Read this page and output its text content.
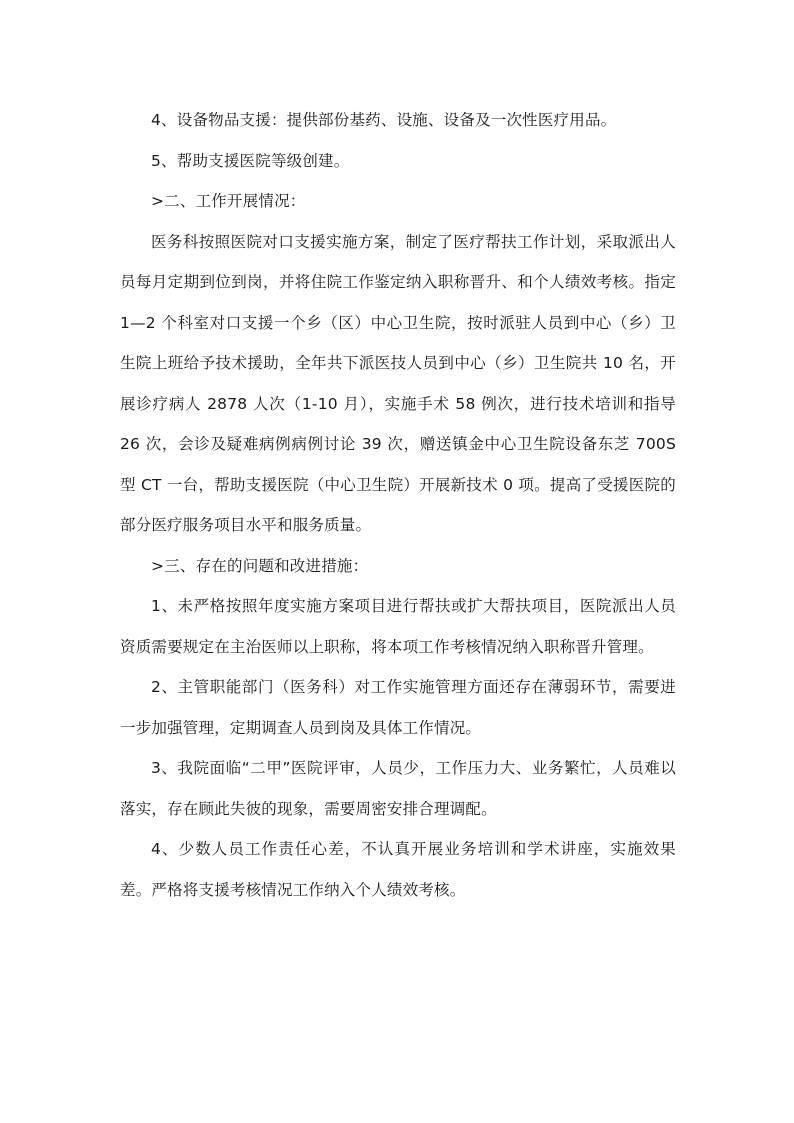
4、设备物品支援：提供部份基药、设施、设备及一次性医疗用品。

5、帮助支援医院等级创建。

>二、工作开展情况：

医务科按照医院对口支援实施方案，制定了医疗帮扶工作计划，采取派出人员每月定期到位到岗，并将住院工作鉴定纳入职称晋升、和个人绩效考核。指定 1—2 个科室对口支援一个乡（区）中心卫生院，按时派驻人员到中心（乡）卫生院上班给予技术援助，全年共下派医技人员到中心（乡）卫生院共 10 名，开展诊疗病人 2878 人次（1-10 月），实施手术 58 例次，进行技术培训和指导 26 次，会诊及疑难病例病例讨论 39 次，赠送镇金中心卫生院设备东芝 700S 型 CT 一台，帮助支援医院（中心卫生院）开展新技术 0 项。提高了受援医院的部分医疗服务项目水平和服务质量。

>三、存在的问题和改进措施：

1、未严格按照年度实施方案项目进行帮扶或扩大帮扶项目，医院派出人员资质需要规定在主治医师以上职称，将本项工作考核情况纳入职称晋升管理。

2、主管职能部门（医务科）对工作实施管理方面还存在薄弱环节，需要进一步加强管理，定期调查人员到岗及具体工作情况。

3、我院面临“二甲”医院评审，人员少，工作压力大、业务繁忙，人员难以落实，存在顾此失彼的现象，需要周密安排合理调配。

4、少数人员工作责任心差，不认真开展业务培训和学术讲座，实施效果差。严格将支援考核情况工作纳入个人绩效考核。
